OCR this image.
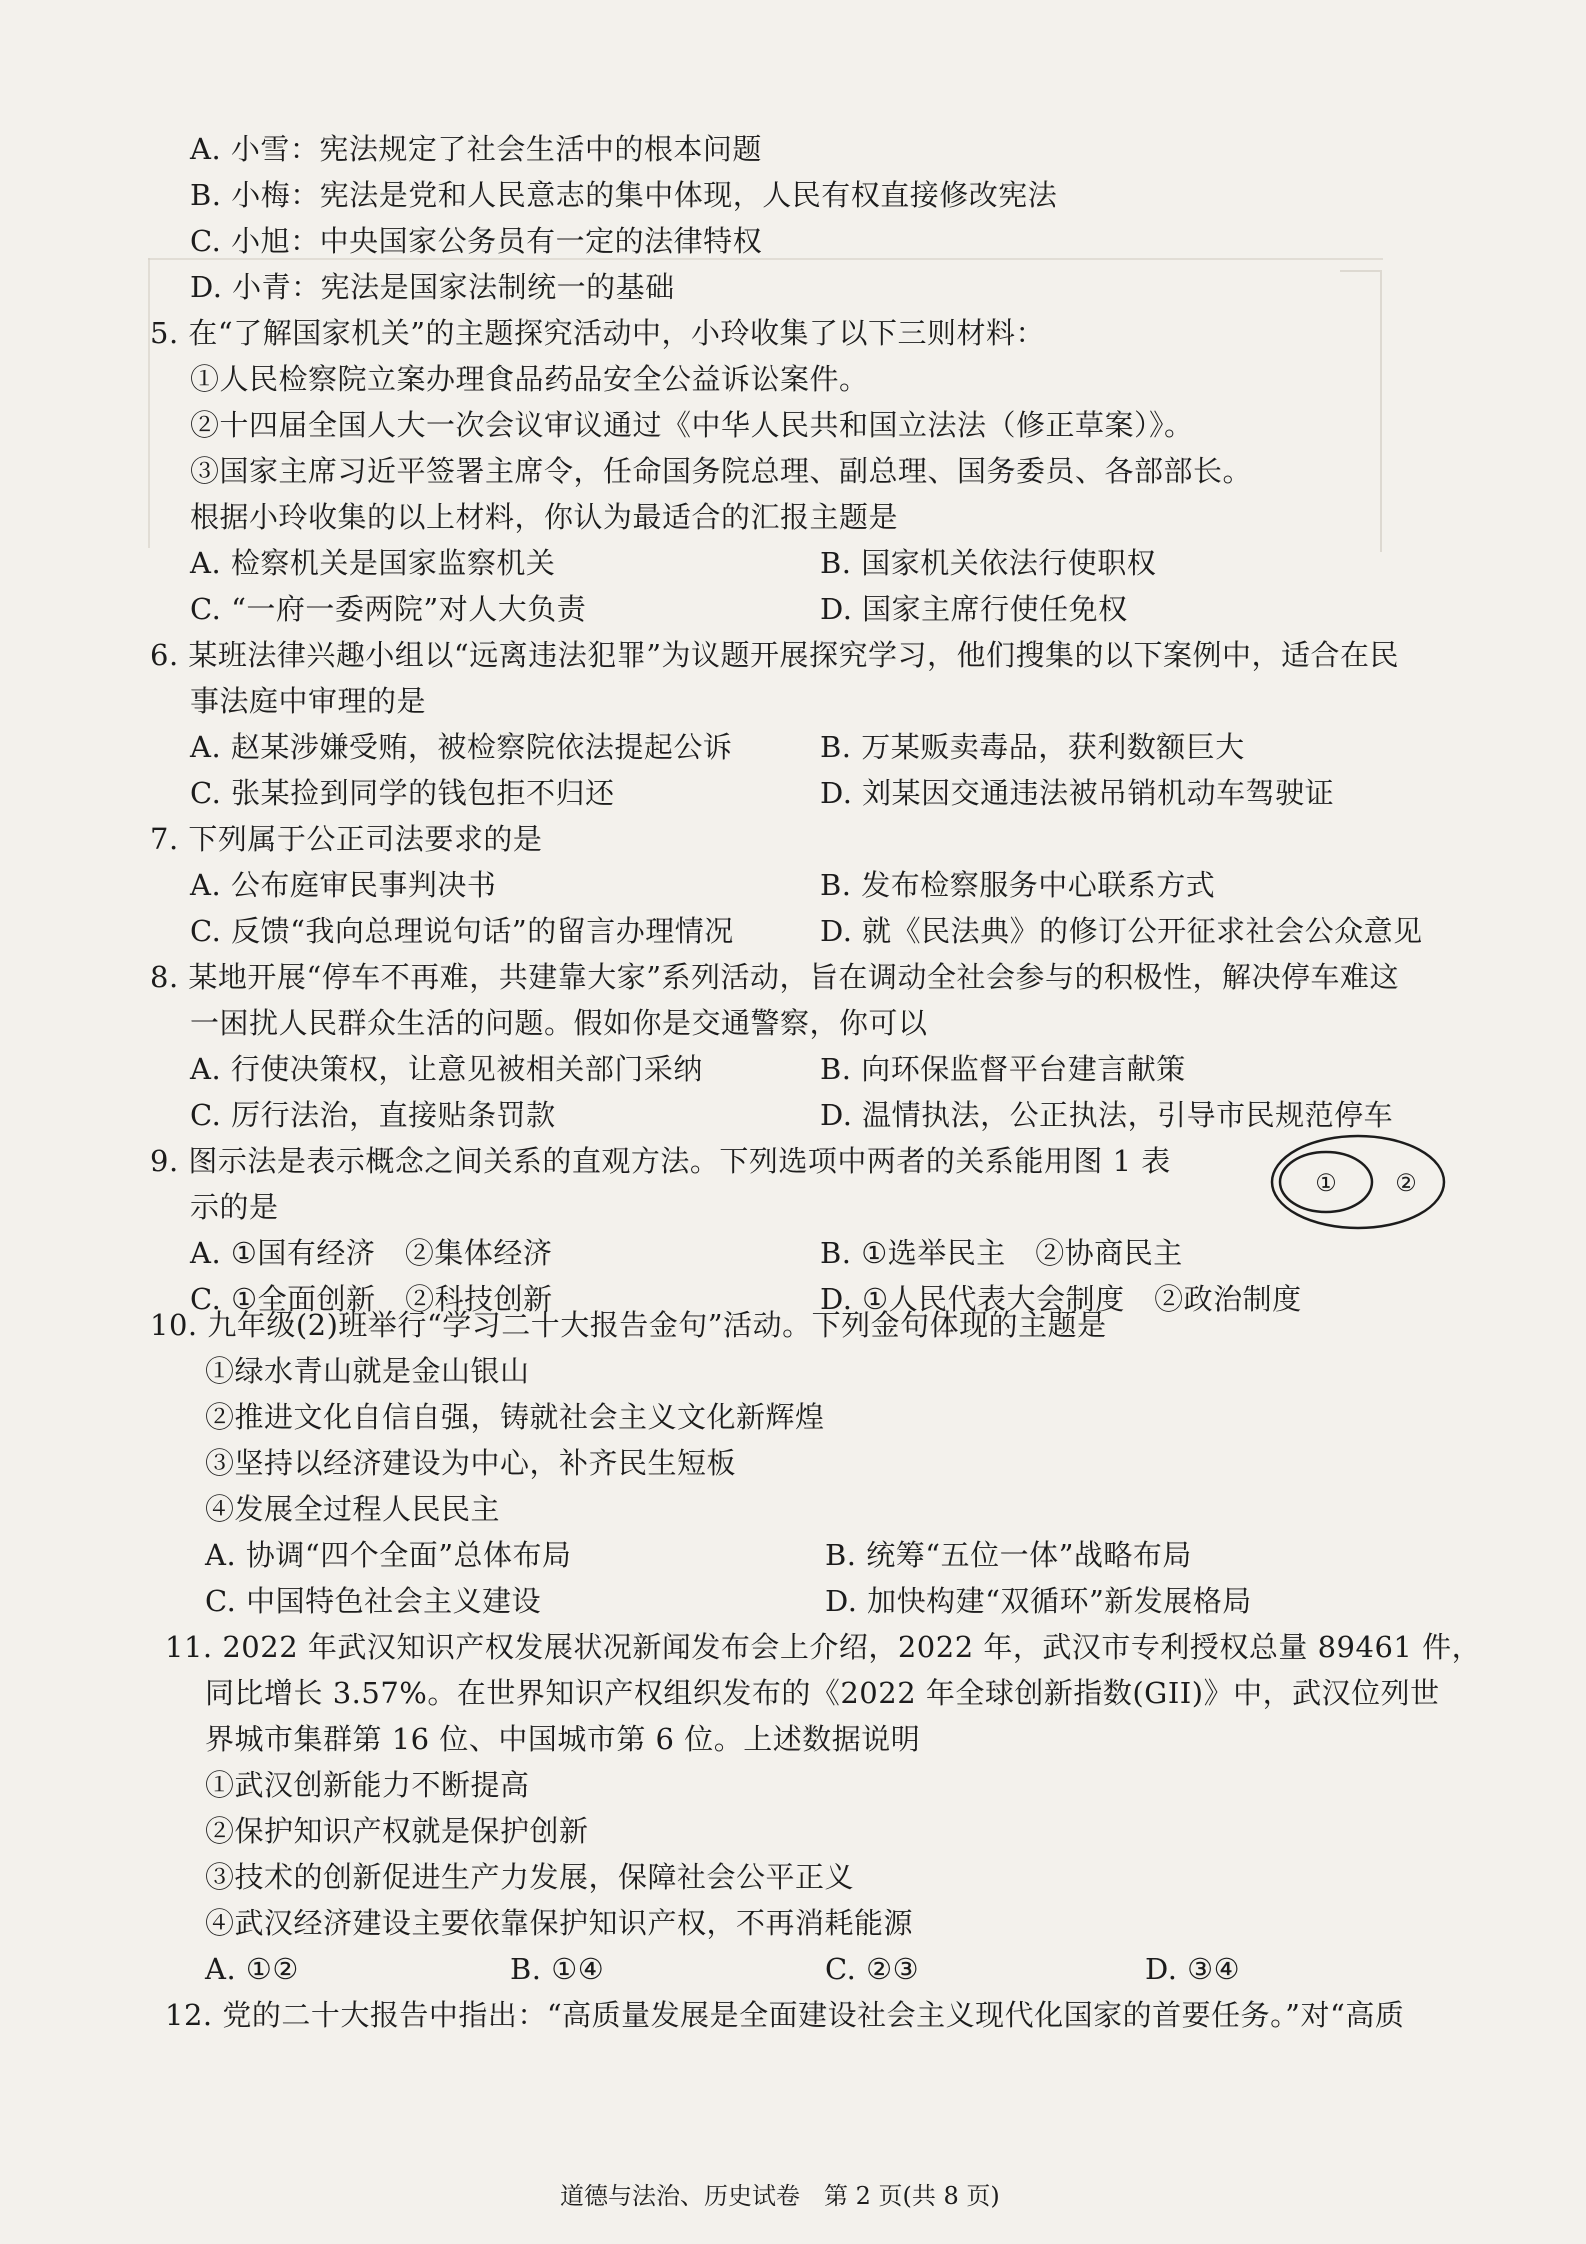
A. 小雪：宪法规定了社会生活中的根本问题
B. 小梅：宪法是党和人民意志的集中体现，人民有权直接修改宪法
C. 小旭：中央国家公务员有一定的法律特权
D. 小青：宪法是国家法制统一的基础
5. 在“了解国家机关”的主题探究活动中，小玲收集了以下三则材料：
①人民检察院立案办理食品药品安全公益诉讼案件。
②十四届全国人大一次会议审议通过《中华人民共和国立法法（修正草案）》。
③国家主席习近平签署主席令，任命国务院总理、副总理、国务委员、各部部长。
根据小玲收集的以上材料，你认为最适合的汇报主题是
A. 检察机关是国家监察机关	B. 国家机关依法行使职权
C. “一府一委两院”对人大负责	D. 国家主席行使任免权
6. 某班法律兴趣小组以“远离违法犯罪”为议题开展探究学习，他们搜集的以下案例中，适合在民
事法庭中审理的是
A. 赵某涉嫌受贿，被检察院依法提起公诉	B. 万某贩卖毒品，获利数额巨大
C. 张某捡到同学的钱包拒不归还	D. 刘某因交通违法被吊销机动车驾驶证
7. 下列属于公正司法要求的是
A. 公布庭审民事判决书	B. 发布检察服务中心联系方式
C. 反馈“我向总理说句话”的留言办理情况	D. 就《民法典》的修订公开征求社会公众意见
8. 某地开展“停车不再难，共建靠大家”系列活动，旨在调动全社会参与的积极性，解决停车难这
一困扰人民群众生活的问题。假如你是交通警察，你可以
A. 行使决策权，让意见被相关部门采纳	B. 向环保监督平台建言献策
C. 厉行法治，直接贴条罚款	D. 温情执法，公正执法，引导市民规范停车
9. 图示法是表示概念之间关系的直观方法。下列选项中两者的关系能用图 1 表
示的是
A. ①国有经济　②集体经济	B. ①选举民主　②协商民主
C. ①全面创新　②科技创新	D. ①人民代表大会制度　②政治制度
① ②
10. 九年级(2)班举行“学习二十大报告金句”活动。下列金句体现的主题是
①绿水青山就是金山银山
②推进文化自信自强，铸就社会主义文化新辉煌
③坚持以经济建设为中心，补齐民生短板
④发展全过程人民民主
A. 协调“四个全面”总体布局	B. 统筹“五位一体”战略布局
C. 中国特色社会主义建设	D. 加快构建“双循环”新发展格局
11. 2022 年武汉知识产权发展状况新闻发布会上介绍，2022 年，武汉市专利授权总量 89461 件，
同比增长 3.57%。在世界知识产权组织发布的《2022 年全球创新指数(GII)》中，武汉位列世
界城市集群第 16 位、中国城市第 6 位。上述数据说明
①武汉创新能力不断提高
②保护知识产权就是保护创新
③技术的创新促进生产力发展，保障社会公平正义
④武汉经济建设主要依靠保护知识产权，不再消耗能源
A. ①②	B. ①④	C. ②③	D. ③④
12. 党的二十大报告中指出：“高质量发展是全面建设社会主义现代化国家的首要任务。”对“高质
道德与法治、历史试卷　第 2 页(共 8 页)
